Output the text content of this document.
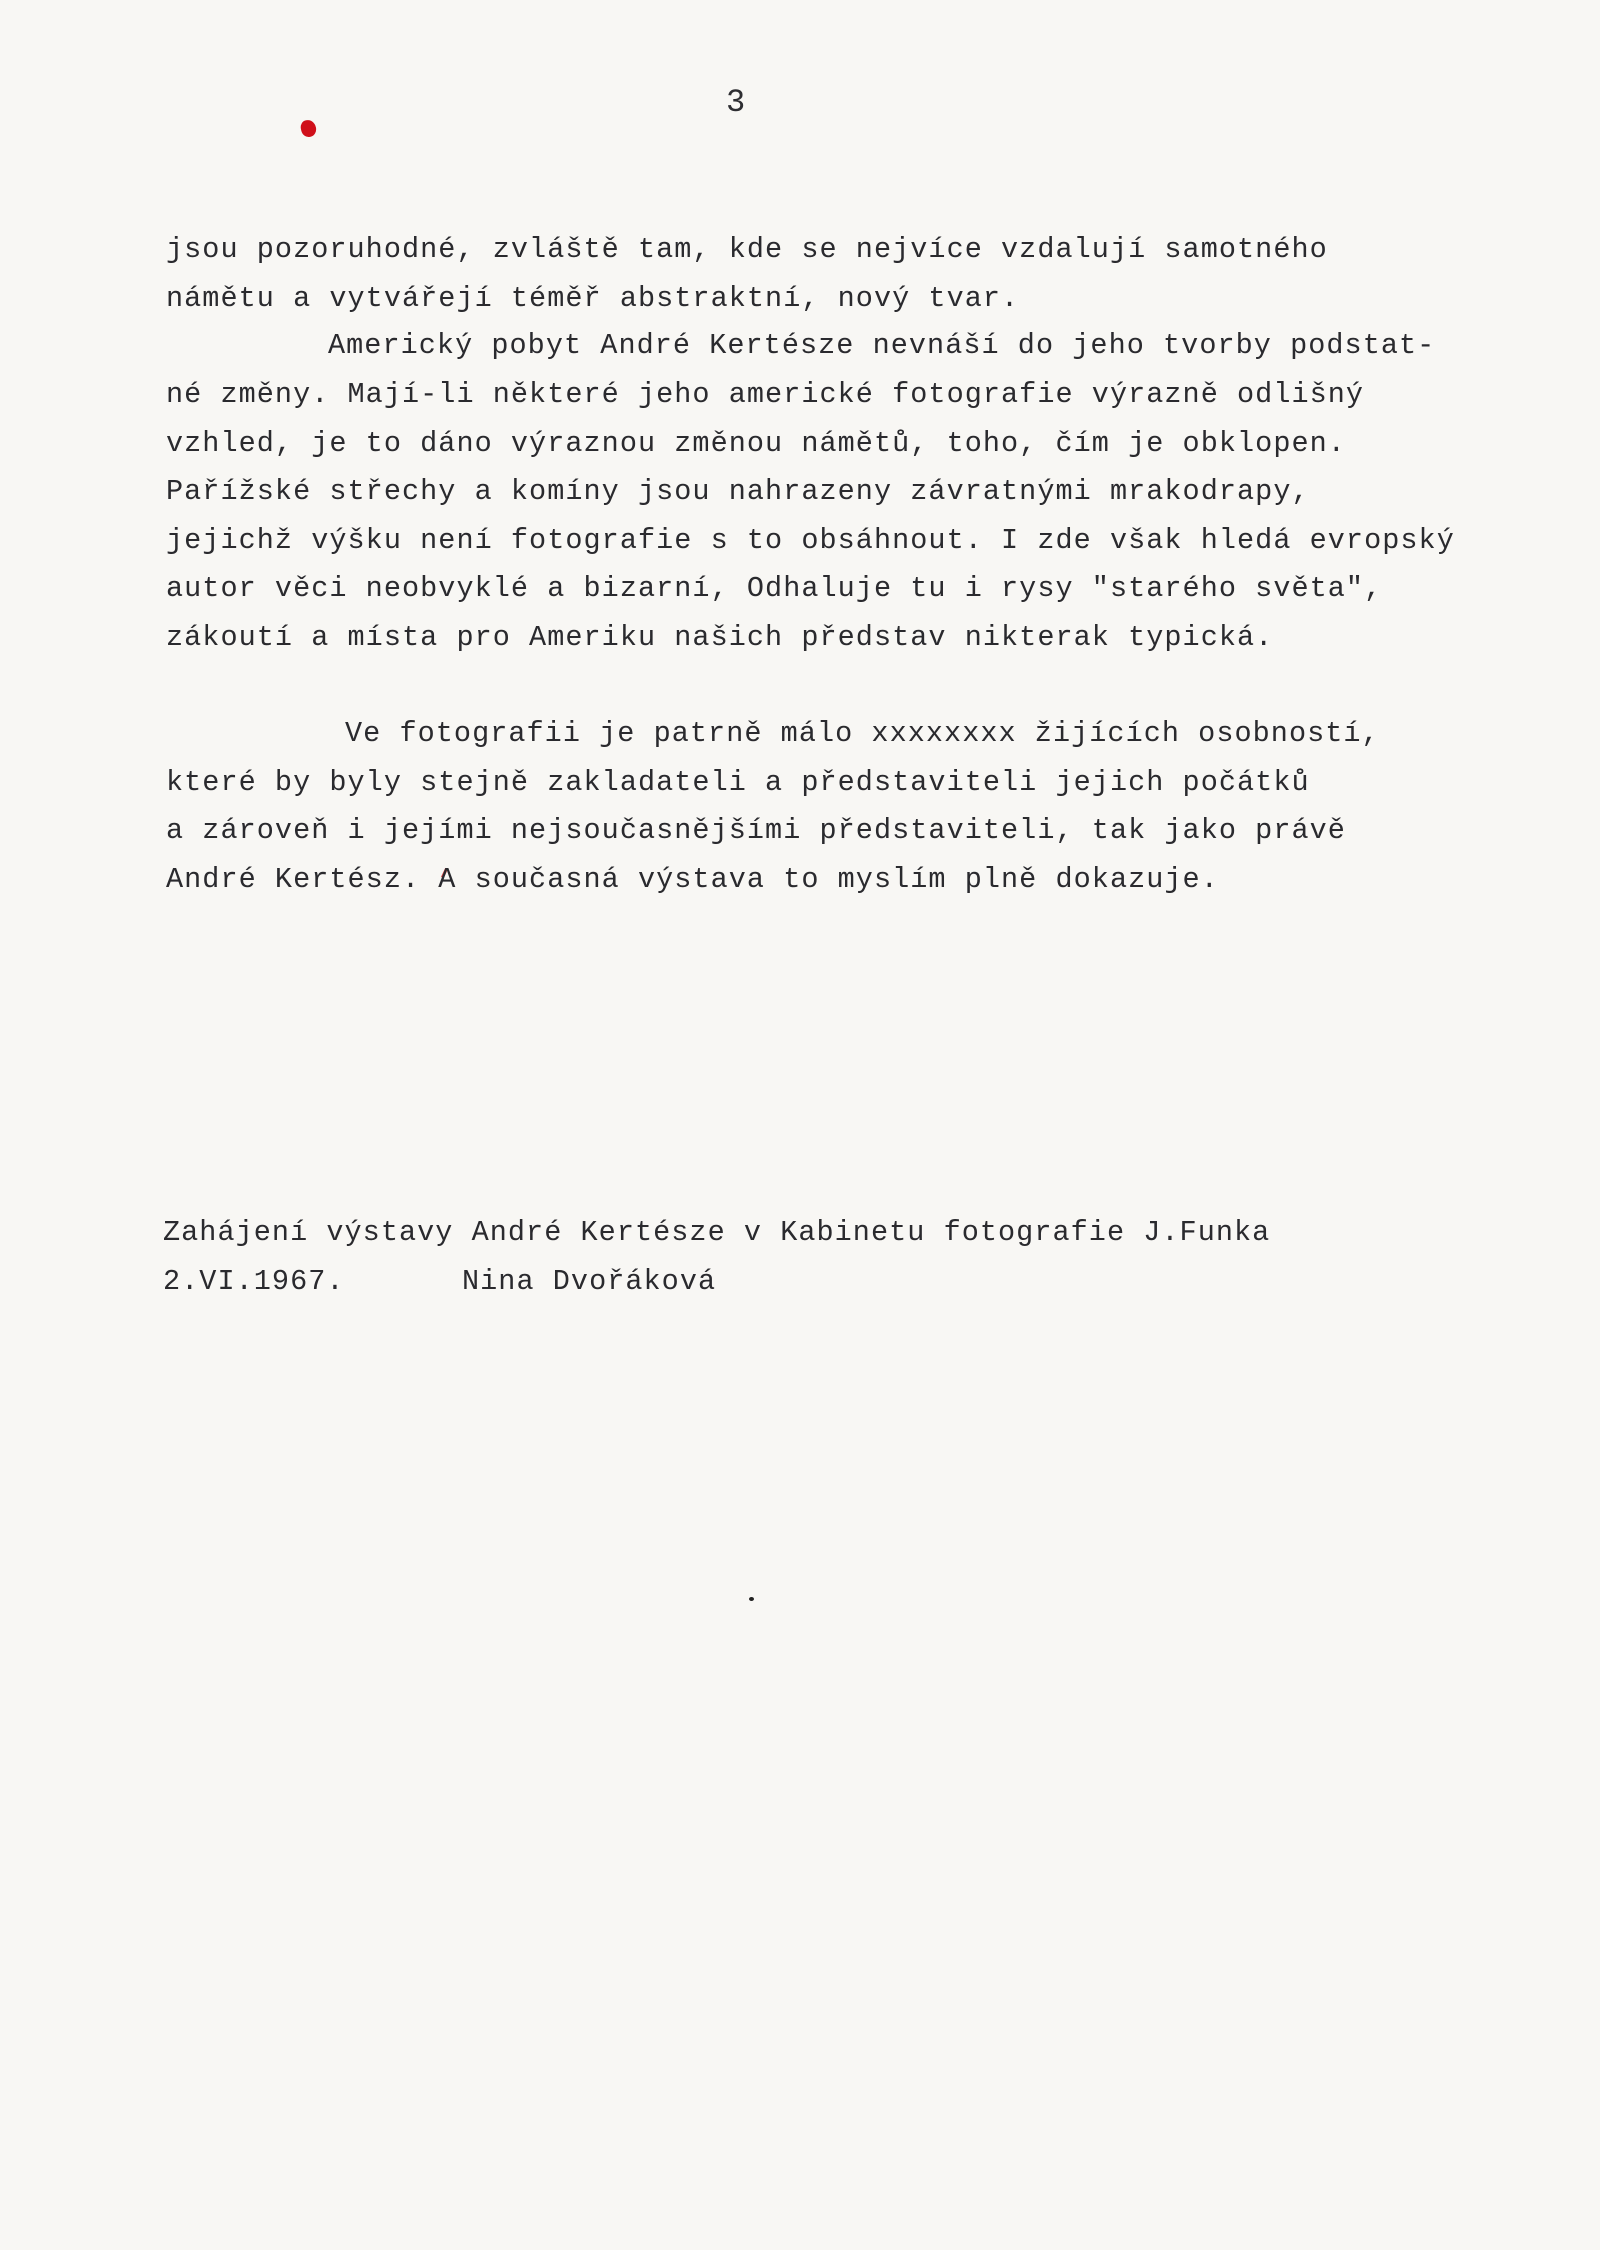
3
jsou pozoruhodné, zvláště tam, kde se nejvíce vzdalují samotného
námětu a vytvářejí téměř abstraktní, nový tvar.
Americký pobyt André Kertésze nevnáší do jeho tvorby podstat-
né změny. Mají-li některé jeho americké fotografie výrazně odlišný
vzhled, je to dáno výraznou změnou námětů, toho, čím je obklopen.
Pařížské střechy a komíny jsou nahrazeny závratnými mrakodrapy,
jejichž výšku není fotografie s to obsáhnout. I zde však hledá evropský
autor věci neobvyklé a bizarní, Odhaluje tu i rysy "starého světa",
zákoutí a místa pro Ameriku našich představ nikterak typická.
Ve fotografii je patrně málo xxxxxxxx žijících osobností,
které by byly stejně zakladateli a představiteli jejich počátků
a zároveň i jejími nejsoučasnějšími představiteli, tak jako právě
André Kertész. A současná výstava to myslím plně dokazuje.
Zahájení výstavy André Kertésze v Kabinetu fotografie J.Funka
2.VI.1967.	Nina Dvořáková
